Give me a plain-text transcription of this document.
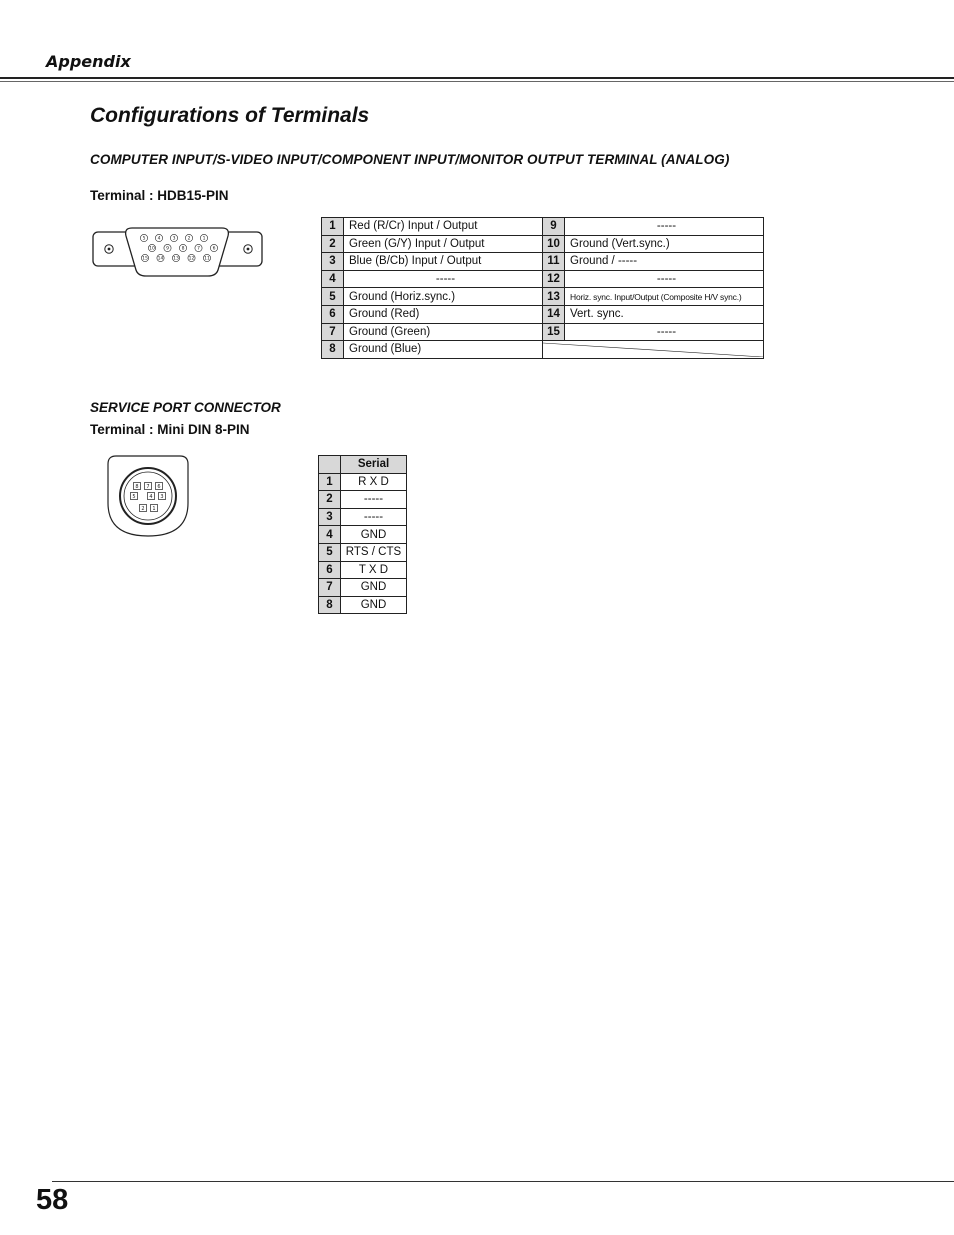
Appendix
Configurations of Terminals
COMPUTER INPUT/S-VIDEO INPUT/COMPONENT INPUT/MONITOR OUTPUT TERMINAL (ANALOG)
Terminal : HDB15-PIN
5	4	3	2	1
10 9	8	7	6
15 14 13 12 11
1	Red (R/Cr) Input / Output	9	-----
2	Green (G/Y) Input / Output	10	Ground (Vert.sync.)
3	Blue (B/Cb) Input / Output	11	Ground / -----
4	-----	12	-----
5	Ground (Horiz.sync.)	13	Horiz. sync. Input/Output (Composite H/V sync.)
6	Ground (Red)	14	Vert. sync.
7	Ground (Green)	15	-----
8	Ground (Blue)	
SERVICE PORT CONNECTOR
Terminal : Mini DIN 8-PIN
8 7 6
5	4 3
2 1
	Serial
1	R X D
2	-----
3	-----
4	GND
5	RTS / CTS
6	T X D
7	GND
8	GND
58
